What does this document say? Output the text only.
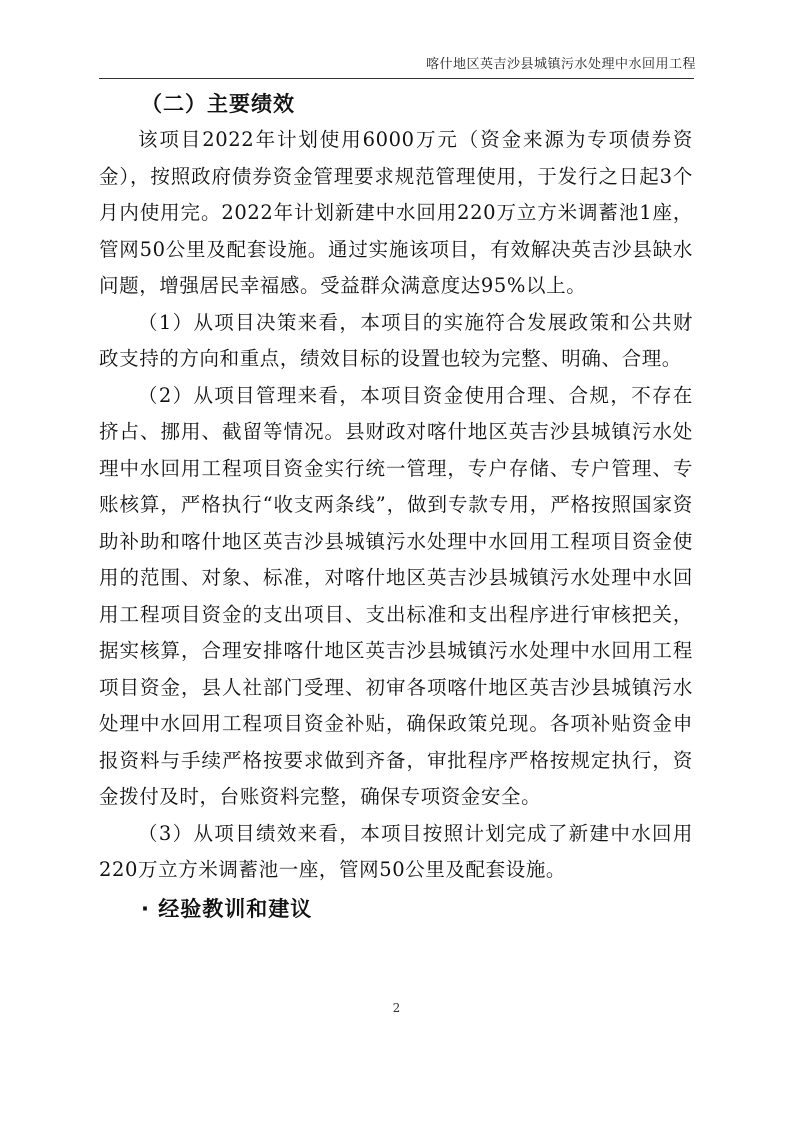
喀什地区英吉沙县城镇污水处理中水回用工程
（二）主要绩效

该项目2022年计划使用6000万元（资金来源为专项债券资金），按照政府债券资金管理要求规范管理使用，于发行之日起3个月内使用完。2022年计划新建中水回用220万立方米调蓄池1座，管网50公里及配套设施。通过实施该项目，有效解决英吉沙县缺水问题，增强居民幸福感。受益群众满意度达95%以上。

（1）从项目决策来看，本项目的实施符合发展政策和公共财政支持的方向和重点，绩效目标的设置也较为完整、明确、合理。

（2）从项目管理来看，本项目资金使用合理、合规，不存在挤占、挪用、截留等情况。县财政对喀什地区英吉沙县城镇污水处理中水回用工程项目资金实行统一管理，专户存储、专户管理、专账核算，严格执行“收支两条线”，做到专款专用，严格按照国家资助补助和喀什地区英吉沙县城镇污水处理中水回用工程项目资金使用的范围、对象、标准，对喀什地区英吉沙县城镇污水处理中水回用工程项目资金的支出项目、支出标准和支出程序进行审核把关，据实核算，合理安排喀什地区英吉沙县城镇污水处理中水回用工程项目资金，县人社部门受理、初审各项喀什地区英吉沙县城镇污水处理中水回用工程项目资金补贴，确保政策兑现。各项补贴资金申报资料与手续严格按要求做到齐备，审批程序严格按规定执行，资金拨付及时，台账资料完整，确保专项资金安全。

（3）从项目绩效来看，本项目按照计划完成了新建中水回用220万立方米调蓄池一座，管网50公里及配套设施。

· 经验教训和建议
2
